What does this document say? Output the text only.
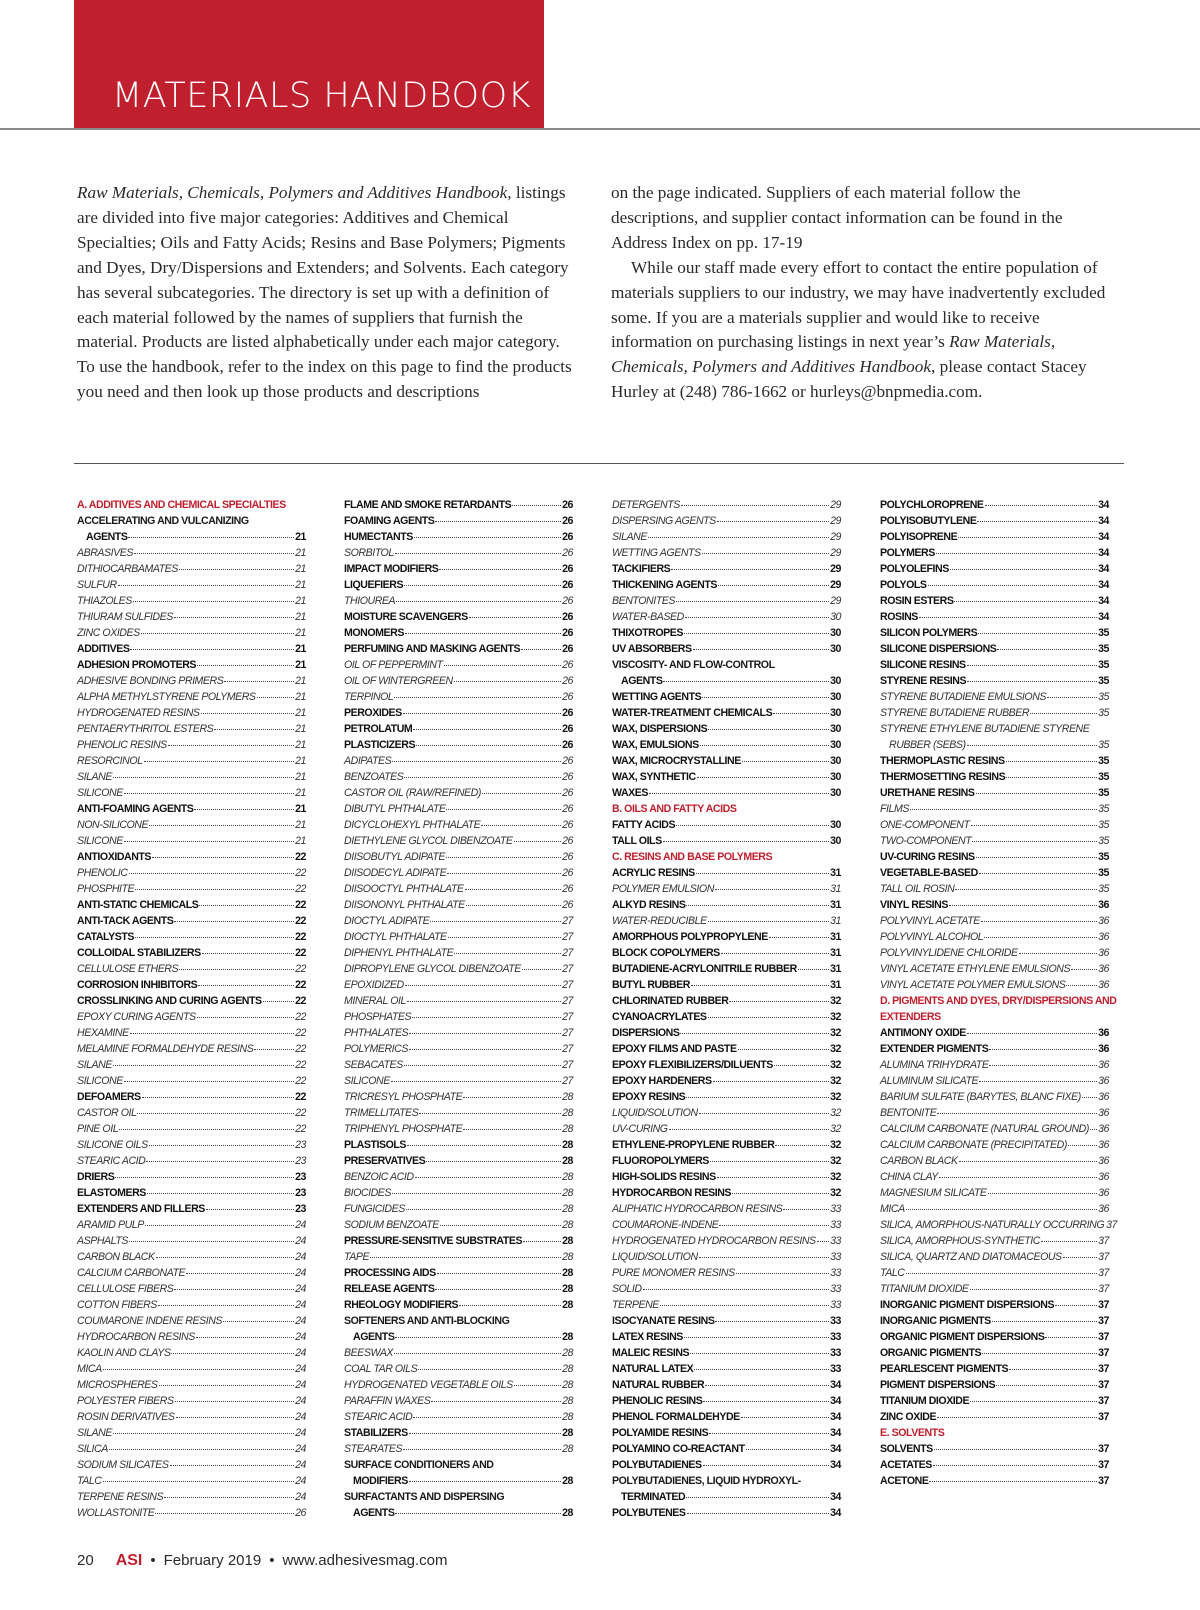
MATERIALS HANDBOOK

Raw Materials, Chemicals, Polymers and Additives Handbook, listings are divided into five major categories: Additives and Chemical Specialties; Oils and Fatty Acids; Resins and Base Polymers; Pigments and Dyes, Dry/Dispersions and Extenders; and Solvents. Each category has several subcategories. The directory is set up with a definition of each material followed by the names of suppliers that furnish the material. Products are listed alphabetically under each major category. To use the handbook, refer to the index on this page to find the products you need and then look up those products and descriptions

on the page indicated. Suppliers of each material follow the descriptions, and supplier contact information can be found in the Address Index on pp. 17-19

While our staff made every effort to contact the entire population of materials suppliers to our industry, we may have inadvertently excluded some. If you are a materials supplier and would like to receive information on purchasing listings in next year’s Raw Materials, Chemicals, Polymers and Additives Handbook, please contact Stacey Hurley at (248) 786-1662 or hurleys@bnpmedia.com.

A. ADDITIVES AND CHEMICAL SPECIALTIES
ACCELERATING AND VULCANIZING
AGENTS	21
ABRASIVES	21
DITHIOCARBAMATES	21
SULFUR	21
THIAZOLES	21
THIURAM SULFIDES	21
ZINC OXIDES	21
ADDITIVES	21
ADHESION PROMOTERS	21
ADHESIVE BONDING PRIMERS	21
ALPHA METHYLSTYRENE POLYMERS	21
HYDROGENATED RESINS	21
PENTAERYTHRITOL ESTERS	21
PHENOLIC RESINS	21
RESORCINOL	21
SILANE	21
SILICONE	21
ANTI-FOAMING AGENTS	21
NON-SILICONE	21
SILICONE	21
ANTIOXIDANTS	22
PHENOLIC	22
PHOSPHITE	22
ANTI-STATIC CHEMICALS	22
ANTI-TACK AGENTS	22
CATALYSTS	22
COLLOIDAL STABILIZERS	22
CELLULOSE ETHERS	22
CORROSION INHIBITORS	22
CROSSLINKING AND CURING AGENTS	22
EPOXY CURING AGENTS	22
HEXAMINE	22
MELAMINE FORMALDEHYDE RESINS	22
SILANE	22
SILICONE	22
DEFOAMERS	22
CASTOR OIL	22
PINE OIL	22
SILICONE OILS	23
STEARIC ACID	23
DRIERS	23
ELASTOMERS	23
EXTENDERS AND FILLERS	23
ARAMID PULP	24
ASPHALTS	24
CARBON BLACK	24
CALCIUM CARBONATE	24
CELLULOSE FIBERS	24
COTTON FIBERS	24
COUMARONE INDENE RESINS	24
HYDROCARBON RESINS	24
KAOLIN AND CLAYS	24
MICA	24
MICROSPHERES	24
POLYESTER FIBERS	24
ROSIN DERIVATIVES	24
SILANE	24
SILICA	24
SODIUM SILICATES	24
TALC	24
TERPENE RESINS	24
WOLLASTONITE	26
FLAME AND SMOKE RETARDANTS	26
FOAMING AGENTS	26
HUMECTANTS	26
SORBITOL	26
IMPACT MODIFIERS	26
LIQUEFIERS	26
THIOUREA	26
MOISTURE SCAVENGERS	26
MONOMERS	26
PERFUMING AND MASKING AGENTS	26
OIL OF PEPPERMINT	26
OIL OF WINTERGREEN	26
TERPINOL	26
PEROXIDES	26
PETROLATUM	26
PLASTICIZERS	26
ADIPATES	26
BENZOATES	26
CASTOR OIL (RAW/REFINED)	26
DIBUTYL PHTHALATE	26
DICYCLOHEXYL PHTHALATE	26
DIETHYLENE GLYCOL DIBENZOATE	26
DIISOBUTYL ADIPATE	26
DIISODECYL ADIPATE	26
DIISOOCTYL PHTHALATE	26
DIISONONYL PHTHALATE	26
DIOCTYL ADIPATE	27
DIOCTYL PHTHALATE	27
DIPHENYL PHTHALATE	27
DIPROPYLENE GLYCOL DIBENZOATE	27
EPOXIDIZED	27
MINERAL OIL	27
PHOSPHATES	27
PHTHALATES	27
POLYMERICS	27
SEBACATES	27
SILICONE	27
TRICRESYL PHOSPHATE	28
TRIMELLITATES	28
TRIPHENYL PHOSPHATE	28
PLASTISOLS	28
PRESERVATIVES	28
BENZOIC ACID	28
BIOCIDES	28
FUNGICIDES	28
SODIUM BENZOATE	28
PRESSURE-SENSITIVE SUBSTRATES	28
TAPE	28
PROCESSING AIDS	28
RELEASE AGENTS	28
RHEOLOGY MODIFIERS	28
SOFTENERS AND ANTI-BLOCKING
AGENTS	28
BEESWAX	28
COAL TAR OILS	28
HYDROGENATED VEGETABLE OILS	28
PARAFFIN WAXES	28
STEARIC ACID	28
STABILIZERS	28
STEARATES	28
SURFACE CONDITIONERS AND
MODIFIERS	28
SURFACTANTS AND DISPERSING
AGENTS	28
DETERGENTS	29
DISPERSING AGENTS	29
SILANE	29
WETTING AGENTS	29
TACKIFIERS	29
THICKENING AGENTS	29
BENTONITES	29
WATER-BASED	30
THIXOTROPES	30
UV ABSORBERS	30
VISCOSITY- AND FLOW-CONTROL
AGENTS	30
WETTING AGENTS	30
WATER-TREATMENT CHEMICALS	30
WAX, DISPERSIONS	30
WAX, EMULSIONS	30
WAX, MICROCRYSTALLINE	30
WAX, SYNTHETIC	30
WAXES	30
B. OILS AND FATTY ACIDS
FATTY ACIDS	30
TALL OILS	30
C. RESINS AND BASE POLYMERS
ACRYLIC RESINS	31
POLYMER EMULSION	31
ALKYD RESINS	31
WATER-REDUCIBLE	31
AMORPHOUS POLYPROPYLENE	31
BLOCK COPOLYMERS	31
BUTADIENE-ACRYLONITRILE RUBBER	31
BUTYL RUBBER	31
CHLORINATED RUBBER	32
CYANOACRYLATES	32
DISPERSIONS	32
EPOXY FILMS AND PASTE	32
EPOXY FLEXIBILIZERS/DILUENTS	32
EPOXY HARDENERS	32
EPOXY RESINS	32
LIQUID/SOLUTION	32
UV-CURING	32
ETHYLENE-PROPYLENE RUBBER	32
FLUOROPOLYMERS	32
HIGH-SOLIDS RESINS	32
HYDROCARBON RESINS	32
ALIPHATIC HYDROCARBON RESINS	33
COUMARONE-INDENE	33
HYDROGENATED HYDROCARBON RESINS 33
LIQUID/SOLUTION	33
PURE MONOMER RESINS	33
SOLID	33
TERPENE	33
ISOCYANATE RESINS	33
LATEX RESINS	33
MALEIC RESINS	33
NATURAL LATEX	33
NATURAL RUBBER	34
PHENOLIC RESINS	34
PHENOL FORMALDEHYDE	34
POLYAMIDE RESINS	34
POLYAMINO CO-REACTANT	34
POLYBUTADIENES	34
POLYBUTADIENES, LIQUID HYDROXYL-
TERMINATED	34
POLYBUTENES	34
POLYCHLOROPRENE	34
POLYISOBUTYLENE	34
POLYISOPRENE	34
POLYMERS	34
POLYOLEFINS	34
POLYOLS	34
ROSIN ESTERS	34
ROSINS	34
SILICON POLYMERS	35
SILICONE DISPERSIONS	35
SILICONE RESINS	35
STYRENE RESINS	35
STYRENE BUTADIENE EMULSIONS	35
STYRENE BUTADIENE RUBBER	35
STYRENE ETHYLENE BUTADIENE STYRENE
RUBBER (SEBS)	35
THERMOPLASTIC RESINS	35
THERMOSETTING RESINS	35
URETHANE RESINS	35
FILMS	35
ONE-COMPONENT	35
TWO-COMPONENT	35
UV-CURING RESINS	35
VEGETABLE-BASED	35
TALL OIL ROSIN	35
VINYL RESINS	36
POLYVINYL ACETATE	36
POLYVINYL ALCOHOL	36
POLYVINYLIDENE CHLORIDE	36
VINYL ACETATE ETHYLENE EMULSIONS	36
VINYL ACETATE POLYMER EMULSIONS	36
D. PIGMENTS AND DYES, DRY/DISPERSIONS AND
EXTENDERS
ANTIMONY OXIDE	36
EXTENDER PIGMENTS	36
ALUMINA TRIHYDRATE	36
ALUMINUM SILICATE	36
BARIUM SULFATE (BARYTES, BLANC FIXE) 36
BENTONITE	36
CALCIUM CARBONATE (NATURAL GROUND) 36
CALCIUM CARBONATE (PRECIPITATED)	36
CARBON BLACK	36
CHINA CLAY	36
MAGNESIUM SILICATE	36
MICA	36
SILICA, AMORPHOUS-NATURALLY OCCURRING 37
SILICA, AMORPHOUS-SYNTHETIC	37
SILICA, QUARTZ AND DIATOMACEOUS	37
TALC	37
TITANIUM DIOXIDE	37
INORGANIC PIGMENT DISPERSIONS	37
INORGANIC PIGMENTS	37
ORGANIC PIGMENT DISPERSIONS	37
ORGANIC PIGMENTS	37
PEARLESCENT PIGMENTS	37
PIGMENT DISPERSIONS	37
TITANIUM DIOXIDE	37
ZINC OXIDE	37
E. SOLVENTS
SOLVENTS	37
ACETATES	37
ACETONE	37
20 ASI • February 2019 • www.adhesivesmag.com
